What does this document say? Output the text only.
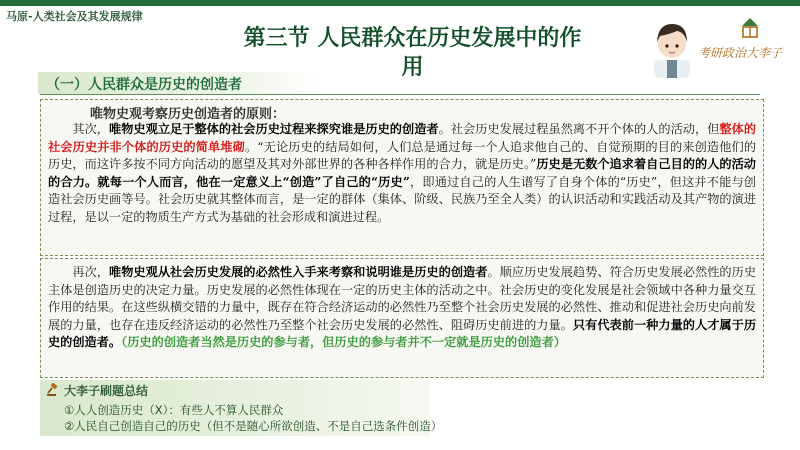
马原-人类社会及其发展规律
第三节 人民群众在历史发展中的作
用
考研政治大李子
（一）人民群众是历史的创造者
唯物史观考察历史创造者的原则：
其次，唯物史观立足于整体的社会历史过程来探究谁是历史的创造者。社会历史发展过程虽然离不开个体的人的活动，但整体的社会历史并非个体的历史的简单堆砌。“无论历史的结局如何，人们总是通过每一个人追求他自己的、自觉预期的目的来创造他们的历史，而这许多按不同方向活动的愿望及其对外部世界的各种各样作用的合力，就是历史。”历史是无数个追求着自己目的的人的活动的合力。就每一个人而言，他在一定意义上“创造”了自己的“历史”，即通过自己的人生谱写了自身个体的“历史”，但这并不能与创造社会历史画等号。社会历史就其整体而言，是一定的群体（集体、阶级、民族乃至全人类）的认识活动和实践活动及其产物的演进过程，是以一定的物质生产方式为基础的社会形成和演进过程。
再次，唯物史观从社会历史发展的必然性入手来考察和说明谁是历史的创造者。顺应历史发展趋势、符合历史发展必然性的历史主体是创造历史的决定力量。历史发展的必然性体现在一定的历史主体的活动之中。社会历史的变化发展是社会领域中各种力量交互作用的结果。在这些纵横交错的力量中，既存在符合经济运动的必然性乃至整个社会历史发展的必然性、推动和促进社会历史向前发展的力量，也存在违反经济运动的必然性乃至整个社会历史发展的必然性、阻碍历史前进的力量。只有代表前一种力量的人才属于历史的创造者。（历史的创造者当然是历史的参与者，但历史的参与者并不一定就是历史的创造者）
大李子刷题总结
①人人创造历史（X）：有些人不算人民群众
②人民自己创造自己的历史（但不是随心所欲创造、不是自己选条件创造）
